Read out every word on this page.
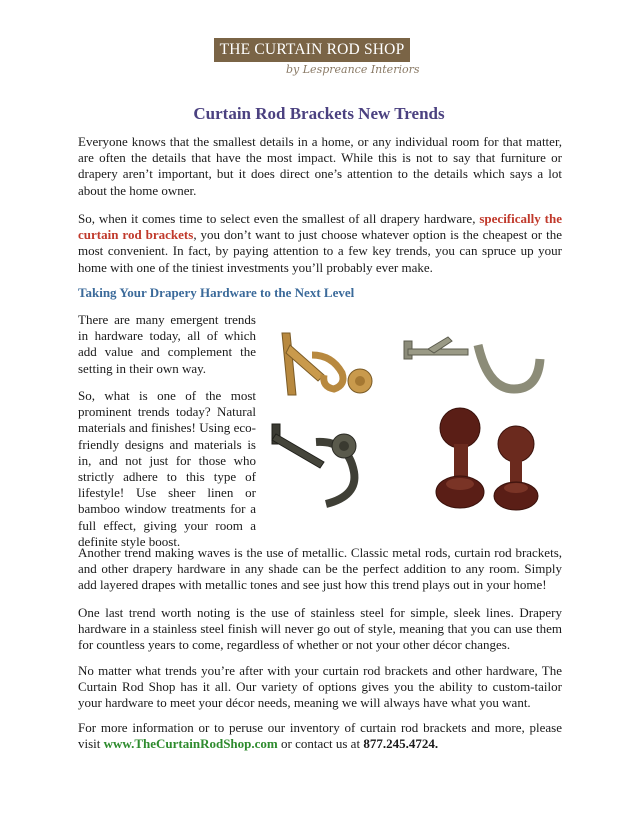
THE CURTAIN ROD SHOP
by Lespreance Interiors
Curtain Rod Brackets New Trends

Everyone knows that the smallest details in a home, or any individual room for that matter, are often the details that have the most impact. While this is not to say that furniture or drapery aren’t important, but it does direct one’s attention to the details which says a lot about the home owner.

So, when it comes time to select even the smallest of all drapery hardware, specifically the curtain rod brackets, you don’t want to just choose whatever option is the cheapest or the most convenient. In fact, by paying attention to a few key trends, you can spruce up your home with one of the tiniest investments you’ll probably ever make.

Taking Your Drapery Hardware to the Next Level

There are many emergent trends in hardware today, all of which add value and complement the setting in their own way.

So, what is one of the most prominent trends today? Natural materials and finishes! Using eco-friendly designs and materials is in, and not just for those who strictly adhere to this type of lifestyle! Use sheer linen or bamboo window treatments for a full effect, giving your room a definite style boost.

Another trend making waves is the use of metallic. Classic metal rods, curtain rod brackets, and other drapery hardware in any shade can be the perfect addition to any room. Simply add layered drapes with metallic tones and see just how this trend plays out in your home!

One last trend worth noting is the use of stainless steel for simple, sleek lines. Drapery hardware in a stainless steel finish will never go out of style, meaning that you can use them for countless years to come, regardless of whether or not your other décor changes.

No matter what trends you’re after with your curtain rod brackets and other hardware, The Curtain Rod Shop has it all. Our variety of options gives you the ability to custom-tailor your hardware to meet your décor needs, meaning we will always have what you want.

For more information or to peruse our inventory of curtain rod brackets and more, please visit www.TheCurtainRodShop.com or contact us at 877.245.4724.
